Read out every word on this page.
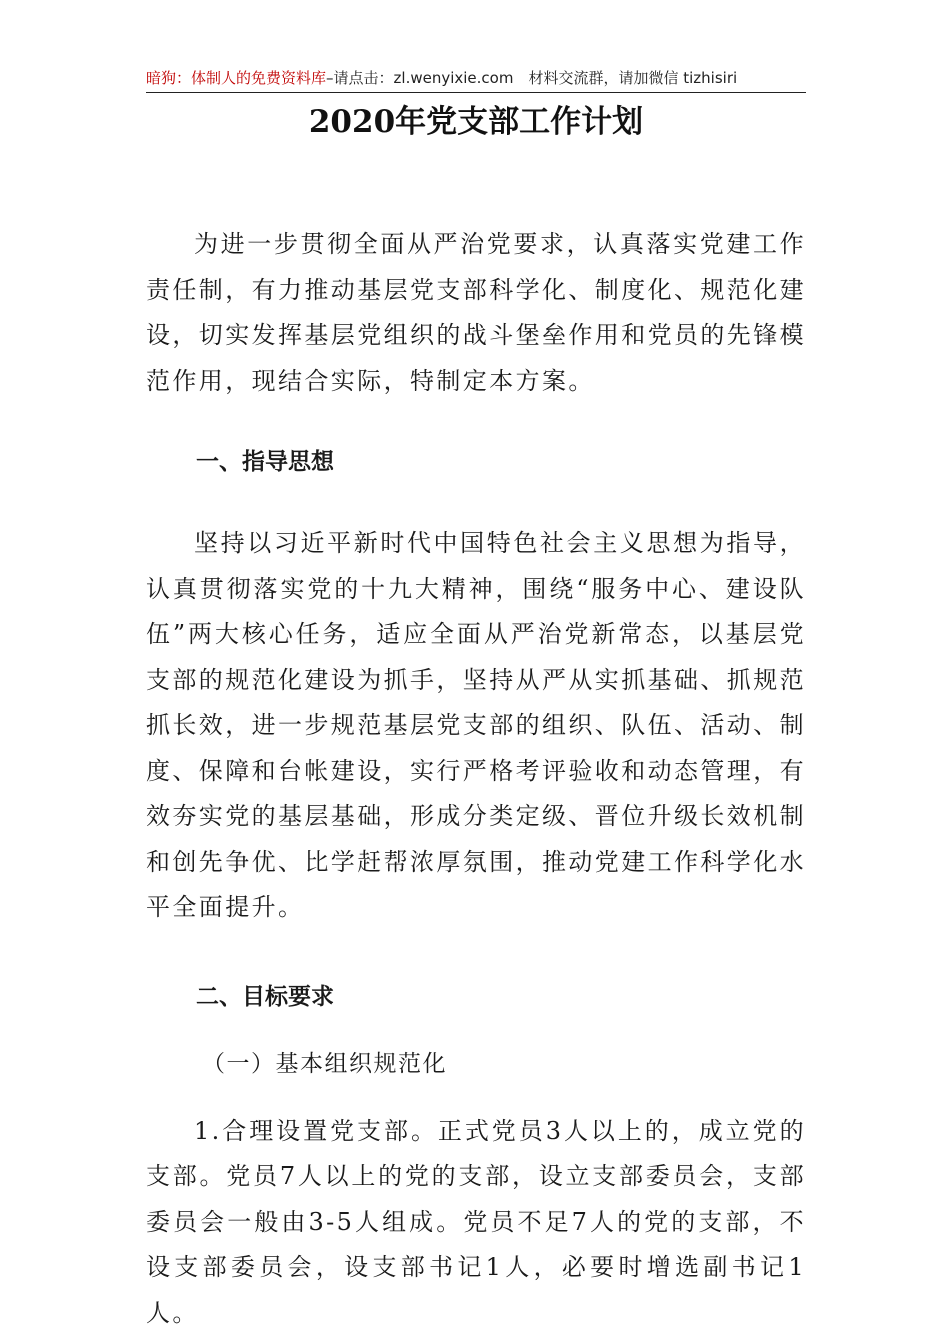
暗狗：体制人的免费资料库–请点击：zl.wenyixie.com  材料交流群，请加微信 tizhisiri
2020年党支部工作计划

为进一步贯彻全面从严治党要求，认真落实党建工作责任制，有力推动基层党支部科学化、制度化、规范化建设，切实发挥基层党组织的战斗堡垒作用和党员的先锋模范作用，现结合实际，特制定本方案。

一、指导思想

坚持以习近平新时代中国特色社会主义思想为指导，认真贯彻落实党的十九大精神，围绕“服务中心、建设队伍”两大核心任务，适应全面从严治党新常态，以基层党支部的规范化建设为抓手，坚持从严从实抓基础、抓规范抓长效，进一步规范基层党支部的组织、队伍、活动、制度、保障和台帐建设，实行严格考评验收和动态管理，有效夯实党的基层基础，形成分类定级、晋位升级长效机制和创先争优、比学赶帮浓厚氛围，推动党建工作科学化水平全面提升。

二、目标要求

（一）基本组织规范化

1.合理设置党支部。正式党员3人以上的，成立党的支部。党员7人以上的党的支部，设立支部委员会，支部委员会一般由3-5人组成。党员不足7人的党的支部，不设支部委员会，设支部书记1人，必要时增选副书记1人。
